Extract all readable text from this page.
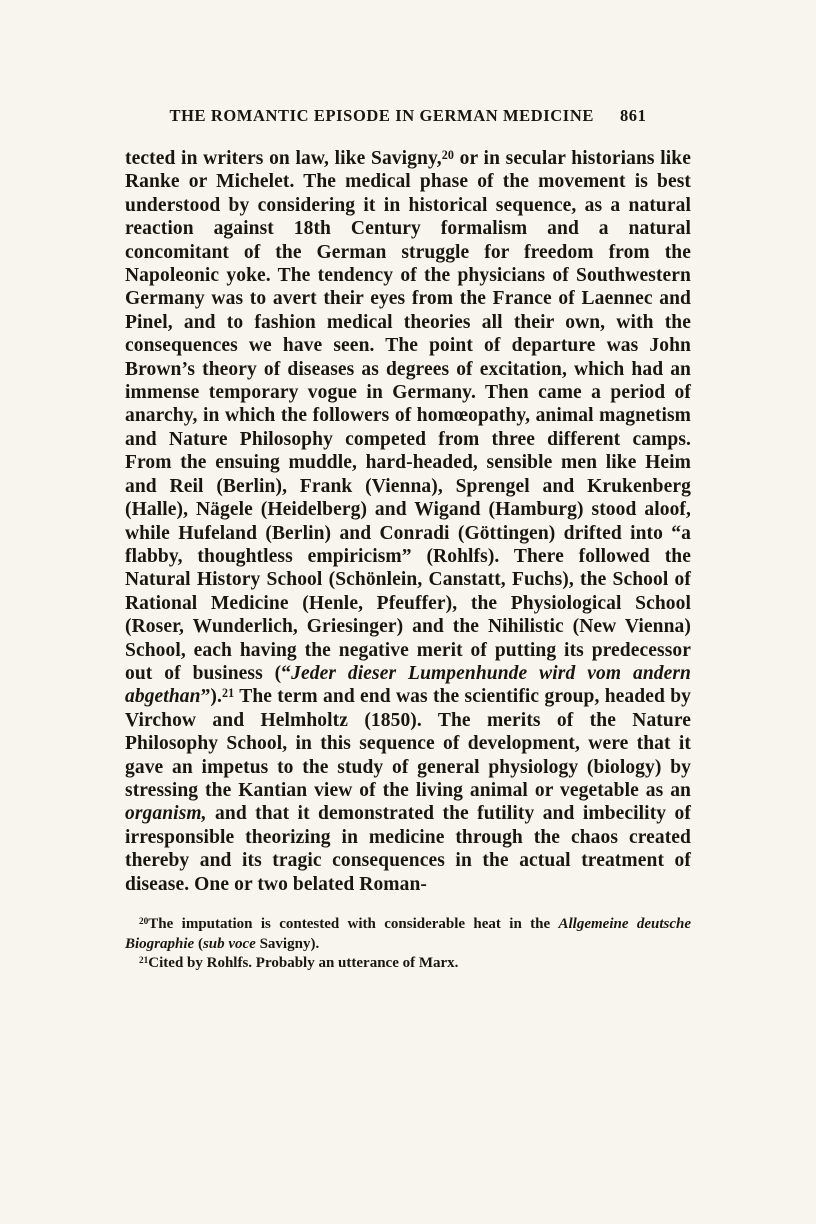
THE ROMANTIC EPISODE IN GERMAN MEDICINE 861

tected in writers on law, like Savigny,$^{20}$ or in secular historians like Ranke or Michelet. The medical phase of the movement is best understood by considering it in historical sequence, as a natural reaction against 18th Century formalism and a natural concomitant of the German struggle for freedom from the Napoleonic yoke. The tendency of the physicians of Southwestern Germany was to avert their eyes from the France of Laennec and Pinel, and to fashion medical theories all their own, with the consequences we have seen. The point of departure was John Brown’s theory of diseases as degrees of excitation, which had an immense temporary vogue in Germany. Then came a period of anarchy, in which the followers of homœopathy, animal magnetism and Nature Philosophy competed from three different camps. From the ensuing muddle, hard-headed, sensible men like Heim and Reil (Berlin), Frank (Vienna), Sprengel and Krukenberg (Halle), Nägele (Heidelberg) and Wigand (Hamburg) stood aloof, while Hufeland (Berlin) and Conradi (Göttingen) drifted into “a flabby, thoughtless empiricism” (Rohlfs). There followed the Natural History School (Schönlein, Canstatt, Fuchs), the School of Rational Medicine (Henle, Pfeuffer), the Physiological School (Roser, Wunderlich, Griesinger) and the Nihilistic (New Vienna) School, each having the negative merit of putting its predecessor out of business (“Jeder dieser Lumpenhunde wird vom andern abgethan”).$^{21}$ The term and end was the scientific group, headed by Virchow and Helmholtz (1850). The merits of the Nature Philosophy School, in this sequence of development, were that it gave an impetus to the study of general physiology (biology) by stressing the Kantian view of the living animal or vegetable as an organism, and that it demonstrated the futility and imbecility of irresponsible theorizing in medicine through the chaos created thereby and its tragic consequences in the actual treatment of disease. One or two belated Roman-

$^{20}$The imputation is contested with considerable heat in the Allgemeine deutsche Biographie (sub voce Savigny).

$^{21}$Cited by Rohlfs. Probably an utterance of Marx.
